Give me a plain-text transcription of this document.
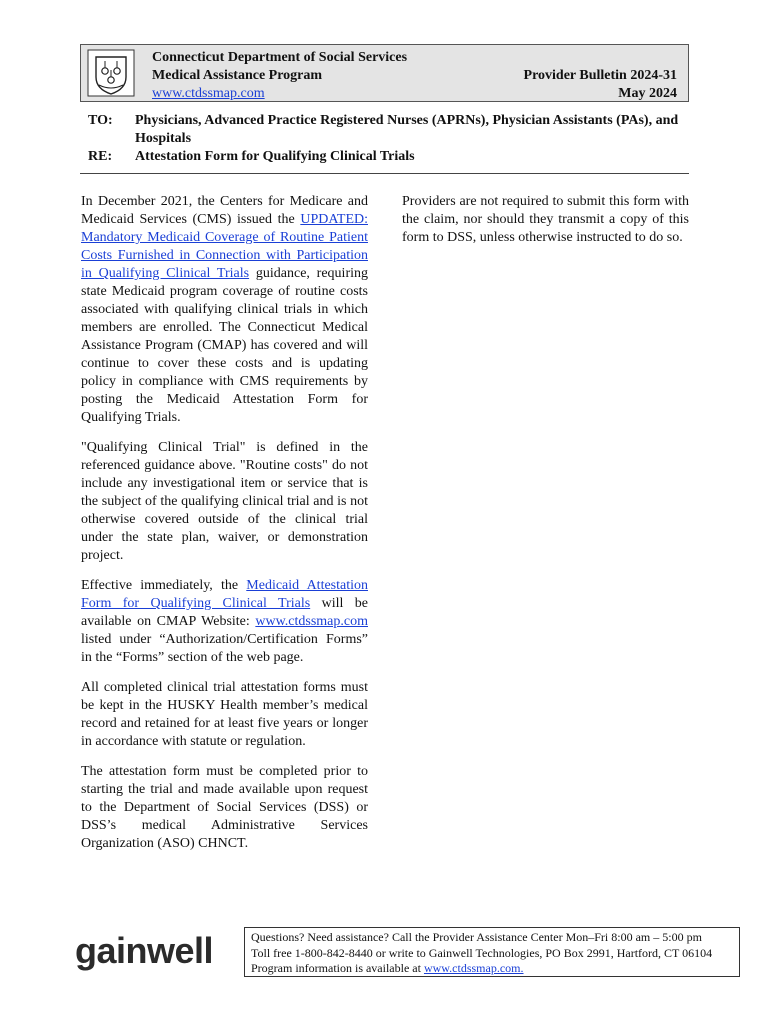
Connecticut Department of Social Services
Medical Assistance Program
www.ctdssmap.com
Provider Bulletin 2024-31
May 2024
TO:	Physicians, Advanced Practice Registered Nurses (APRNs), Physician Assistants (PAs), and Hospitals
RE:	Attestation Form for Qualifying Clinical Trials

In December 2021, the Centers for Medicare and Medicaid Services (CMS) issued the UPDATED: Mandatory Medicaid Coverage of Routine Patient Costs Furnished in Connection with Participation in Qualifying Clinical Trials guidance, requiring state Medicaid program coverage of routine costs associated with qualifying clinical trials in which members are enrolled. The Connecticut Medical Assistance Program (CMAP) has covered and will continue to cover these costs and is updating policy in compliance with CMS requirements by posting the Medicaid Attestation Form for Qualifying Trials.

"Qualifying Clinical Trial" is defined in the referenced guidance above. "Routine costs" do not include any investigational item or service that is the subject of the qualifying clinical trial and is not otherwise covered outside of the clinical trial under the state plan, waiver, or demonstration project.

Effective immediately, the Medicaid Attestation Form for Qualifying Clinical Trials will be available on CMAP Website: www.ctdssmap.com listed under “Authorization/Certification Forms” in the “Forms” section of the web page.

All completed clinical trial attestation forms must be kept in the HUSKY Health member’s medical record and retained for at least five years or longer in accordance with statute or regulation.

The attestation form must be completed prior to starting the trial and made available upon request to the Department of Social Services (DSS) or DSS’s medical Administrative Services Organization (ASO) CHNCT.

Providers are not required to submit this form with the claim, nor should they transmit a copy of this form to DSS, unless otherwise instructed to do so.

gainwell	Questions? Need assistance? Call the Provider Assistance Center Mon–Fri 8:00 am – 5:00 pm
Toll free 1-800-842-8440 or write to Gainwell Technologies, PO Box 2991, Hartford, CT 06104
Program information is available at www.ctdssmap.com.
